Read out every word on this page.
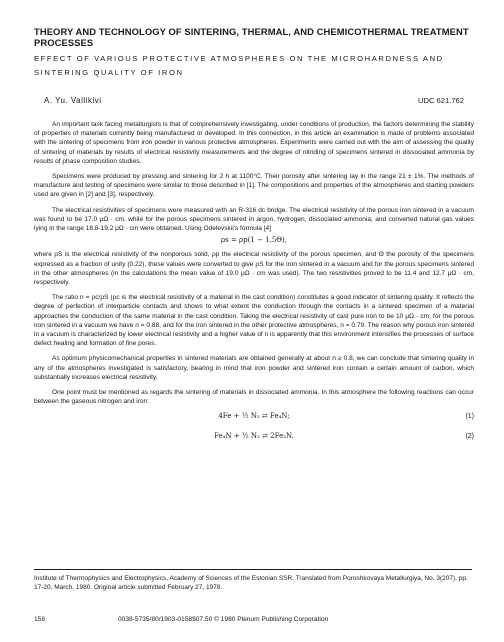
THEORY AND TECHNOLOGY OF SINTERING, THERMAL, AND CHEMICOTHERMAL TREATMENT PROCESSES
EFFECT OF VARIOUS PROTECTIVE ATMOSPHERES ON THE MICROHARDNESS AND SINTERING QUALITY OF IRON
A. Yu. Vallikivi	UDC 621.762

An important task facing metallurgists is that of comprehensively investigating, under conditions of production, the factors determining the stability of properties of materials currently being manufactured or developed. In this connection, in this article an examination is made of problems associated with the sintering of specimens from iron powder in various protective atmospheres. Experiments were carried out with the aim of assessing the quality of sintering of materials by results of electrical resistivity measurements and the degree of nitriding of specimens sintered in dissociated ammonia by results of phase composition studies.

Specimens were produced by pressing and sintering for 2 h at 1100°C. Their porosity after sintering lay in the range 21 ± 1%. The methods of manufacture and testing of specimens were similar to those described in [1]. The compositions and properties of the atmospheres and starting powders used are given in [2] and [3], respectively.

The electrical resistivities of specimens were measured with an R-316 dc bridge. The electrical resistivity of the porous iron sintered in a vacuum was found to be 17.0 μΩ · cm, while for the porous specimens sintered in argon, hydrogen, dissociated ammonia, and converted natural gas values lying in the range 18.8-19.2 μΩ · cm were obtained. Using Odelevskii's formula [4]

ρs = ρp(1 − 1.5Θ),

where ρS is the electrical resistivity of the nonporous solid, ρp the electrical resistivity of the porous specimen, and Θ the porosity of the specimens expressed as a fraction of unity (0.22), these values were converted to give ρS for the iron sintered in a vacuum and for the porous specimens sintered in the other atmospheres (in the calculations the mean value of 19.0 μΩ · cm was used). The two resistivities proved to be 11.4 and 12.7 μΩ · cm, respectively.

The ratio n = ρc/ρS (ρc is the electrical resistivity of a material in the cast condition) constitutes a good indicator of sintering quality. It reflects the degree of perfection of interparticle contacts and shows to what extent the conduction through the contacts in a sintered specimen of a material approaches the conduction of the same material in the cast condition. Taking the electrical resistivity of cast pure iron to be 10 μΩ · cm, for the porous iron sintered in a vacuum we have n = 0.88, and for the iron sintered in the other protective atmospheres, n = 0.79. The reason why porous iron sintered in a vacuum is characterized by lower electrical resistivity and a higher value of n is apparently that this environment intensifies the processes of surface defect healing and formation of fine pores.

As optimum physicomechanical properties in sintered materials are obtained generally at about n ≥ 0.8, we can conclude that sintering quality in any of the atmospheres investigated is satisfactory, bearing in mind that iron powder and sintered iron contain a certain amount of carbon, which substantially increases electrical resistivity.

One point must be mentioned as regards the sintering of materials in dissociated ammonia. In this atmosphere the following reactions can occur between the gaseous nitrogen and iron:

4Fe + ½ N₂ ⇄ Fe₄N;	(1)
Fe₄N + ½ N₂ ⇄ 2Fe₂N.	(2)
Institute of Thermophysics and Electrophysics, Academy of Sciences of the Estonian SSR. Translated from Poroshkovaya Metallurgiya, No. 3(207), pp. 17-20, March, 1980. Original article submitted February 27, 1978.
158	0038-5735/80/1903-0158$07.50 © 1980 Plenum Publishing Corporation
